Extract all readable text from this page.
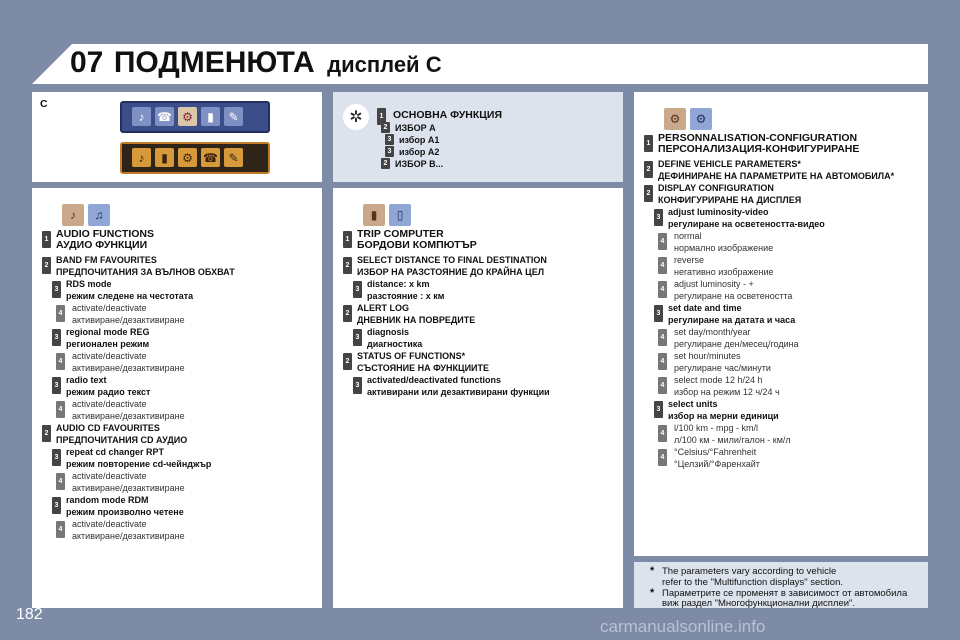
07 ПОДМЕНЮТА дисплей С
C
♪	☎ ⚙	▮	✎
♪	▮	⚙ ☎ ✎
✲	1 ОСНОВНА ФУНКЦИЯ
2 ИЗБОР A
3 избор A1
3 избор A2
2 ИЗБОР B...
♪	♫
1 AUDIO FUNCTIONS
АУДИО ФУНКЦИИ
2
BAND FM FAVOURITES
ПРЕДПОЧИТАНИЯ ЗА ВЪЛНОВ ОБХВАТ
3
RDS mode
режим следене на честотата
4
activate/deactivate
активиране/дезактивиране
3
regional mode REG
регионален режим
4
activate/deactivate
активиране/дезактивиране
3
radio text
режим радио текст
4
activate/deactivate
активиране/дезактивиране
2
AUDIO CD FAVOURITES
ПРЕДПОЧИТАНИЯ CD АУДИО
3
repeat cd changer RPT
режим повторение cd-чейнджър
4
activate/deactivate
активиране/дезактивиране
3
random mode RDM
режим произволно четене
4
activate/deactivate
активиране/дезактивиране
▮	▯
1 TRIP COMPUTER
БОРДОВИ КОМПЮТЪР
2
SELECT DISTANCE TO FINAL DESTINATION
ИЗБОР НА РАЗСТОЯНИЕ ДО КРАЙНА ЦЕЛ
3
distance: x km
разстояние : x км
2
ALERT LOG
ДНЕВНИК НА ПОВРЕДИТЕ
3
diagnosis
диагностика
2
STATUS OF FUNCTIONS*
СЪСТОЯНИЕ НА ФУНКЦИИТЕ
3
activated/deactivated functions
активирани или дезактивирани функции
⚙	⚙
1 PERSONNALISATION-CONFIGURATION
ПЕРСОНАЛИЗАЦИЯ-КОНФИГУРИРАНЕ
2
DEFINE VEHICLE PARAMETERS*
ДЕФИНИРАНЕ НА ПАРАМЕТРИТЕ НА АВТОМОБИЛА*
2
DISPLAY CONFIGURATION
КОНФИГУРИРАНЕ НА ДИСПЛЕЯ
3
adjust luminosity-video
регулиране на осветеността-видео
4
normal
нормално изображение
4
reverse
негативно изображение
4
adjust luminosity - +
регулиране на осветеността
3
set date and time
регулиране на датата и часа
4
set day/month/year
регулиране ден/месец/година
4
set hour/minutes
регулиране час/минути
4
select mode 12 h/24 h
избор на режим 12 ч/24 ч
3
select units
избор на мерни единици
4
l/100 km - mpg - km/l
л/100 км - мили/галон - км/л
4
°Celsius/°Fahrenheit
°Целзий/°Фаренхайт
* The parameters vary according to vehicle
refer to the "Multifunction displays" section.
* Параметрите се променят в зависимост от автомобила
виж раздел "Многофункционални дисплеи".
182
carmanualsonline.info
